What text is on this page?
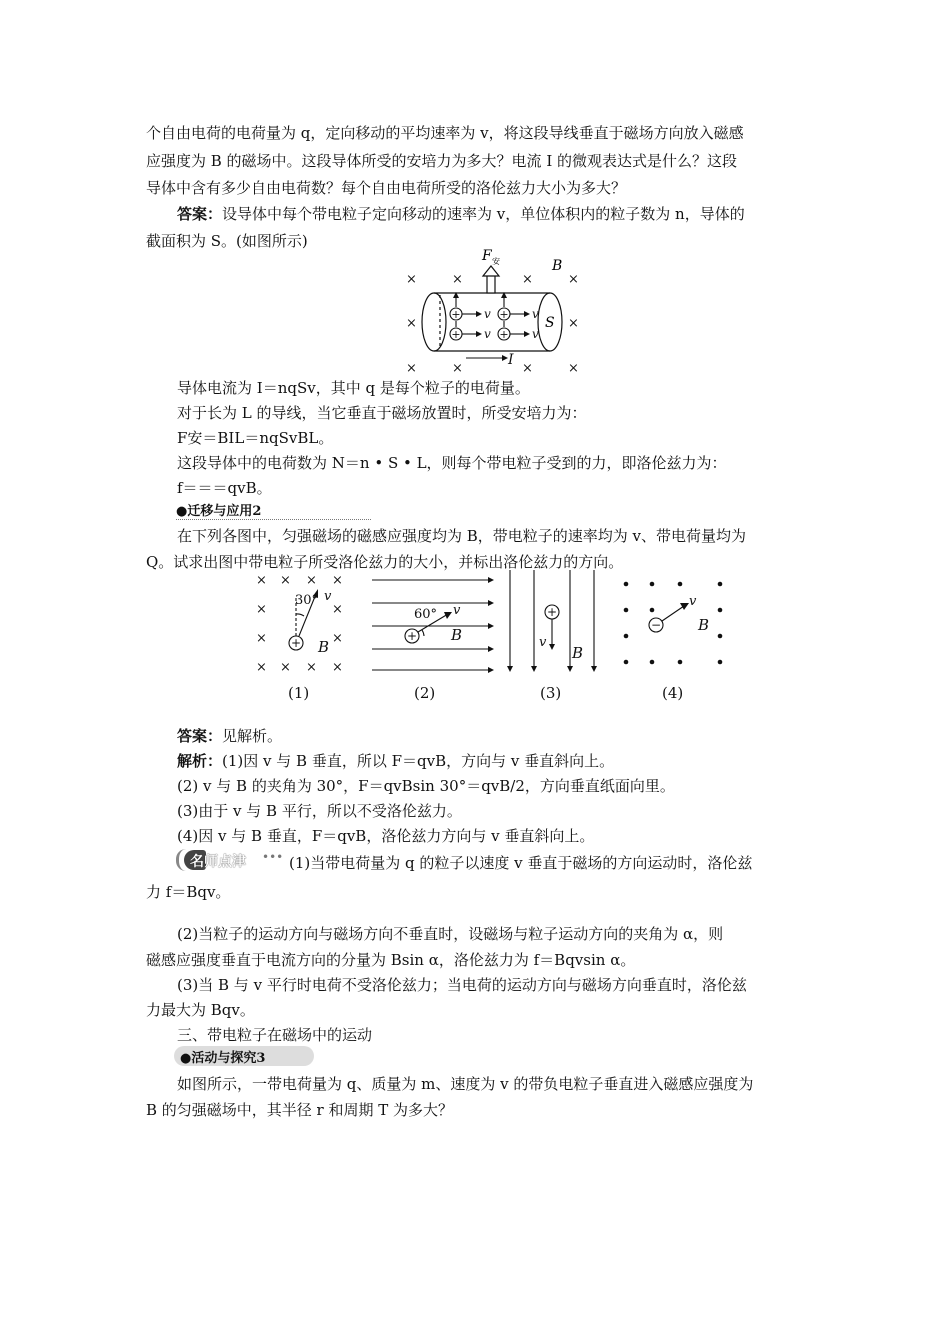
个自由电荷的电荷量为 q，定向移动的平均速率为 v，将这段导线垂直于磁场方向放入磁感
应强度为 B 的磁场中。这段导体所受的安培力为多大？电流 I 的微观表达式是什么？这段
导体中含有多少自由电荷数？每个自由电荷所受的洛伦兹力大小为多大？
答案：设导体中每个带电粒子定向移动的速率为 v，单位体积内的粒子数为 n，导体的
截面积为 S。(如图所示)
×	×	×	×
×	×
×	×	×	×
F 安	B
S
+
+
+
+
v
v
v
v
I
导体电流为 I＝nqSv，其中 q 是每个粒子的电荷量。
对于长为 L 的导线，当它垂直于磁场放置时，所受安培力为：
F安＝BIL＝nqSvBL。
这段导体中的电荷数为 N＝n • S • L，则每个带电粒子受到的力，即洛伦兹力为：
f＝＝＝qvB。
●迁移与应用2
在下列各图中，匀强磁场的磁感应强度均为 B，带电粒子的速率均为 v、带电荷量均为
Q。试求出图中带电粒子所受洛伦兹力的大小，并标出洛伦兹力的方向。
× × × ×
×	×
×	×
× × × ×
+
30° v
B
(1)
+
60° v
B
(2)
+
v
B
(3)
−
v
B
(4)
答案：见解析。
解析：(1)因 v 与 B 垂直，所以 F＝qvB，方向与 v 垂直斜向上。
(2) v 与 B 的夹角为 30°，F＝qvBsin 30°＝qvB/2，方向垂直纸面向里。
(3)由于 v 与 B 平行，所以不受洛伦兹力。
(4)因 v 与 B 垂直，F＝qvB，洛伦兹力方向与 v 垂直斜向上。
名师点津 ••• (1)当带电荷量为 q 的粒子以速度 v 垂直于磁场的方向运动时，洛伦兹
力 f＝Bqv。
(2)当粒子的运动方向与磁场方向不垂直时，设磁场与粒子运动方向的夹角为 α，则
磁感应强度垂直于电流方向的分量为 Bsin α，洛伦兹力为 f＝Bqvsin α。
(3)当 B 与 v 平行时电荷不受洛伦兹力；当电荷的运动方向与磁场方向垂直时，洛伦兹
力最大为 Bqv。
三、带电粒子在磁场中的运动
●活动与探究3
如图所示，一带电荷量为 q、质量为 m、速度为 v 的带负电粒子垂直进入磁感应强度为
B 的匀强磁场中，其半径 r 和周期 T 为多大？
